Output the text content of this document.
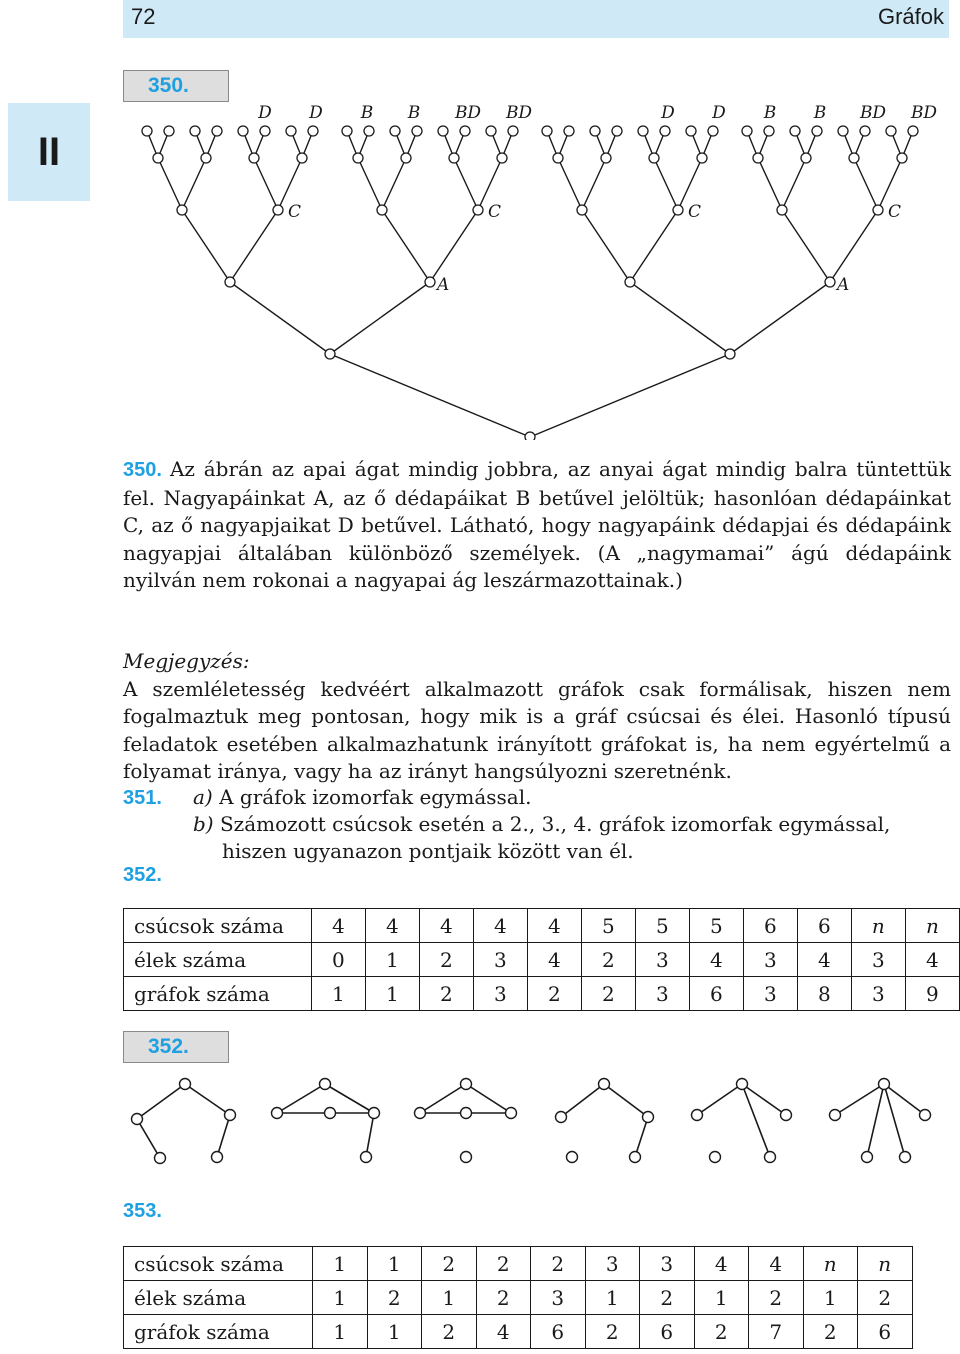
72	Gráfok
II
350.
A	A
C	C	C	C
D D B B BD BD	D D B B BD BD
350. Az ábrán az apai ágat mindig jobbra, az anyai ágat mindig balra tüntettük fel. Nagyapáinkat A, az ő dédapáikat B betűvel jelöltük; hasonlóan dédapáinkat C, az ő nagyapjaikat D betűvel. Látható, hogy nagyapáink dédapjai és dédapáink nagyapjai általában különböző személyek. (A „nagymamai” ágú dédapáink nyilván nem rokonai a nagyapai ág leszármazottainak.)
Megjegyzés:
A szemléletesség kedvéért alkalmazott gráfok csak formálisak, hiszen nem fogalmaztuk meg pontosan, hogy mik is a gráf csúcsai és élei. Hasonló típusú feladatok esetében alkalmazhatunk irányított gráfokat is, ha nem egyértelmű a folyamat iránya, vagy ha az irányt hangsúlyozni szeretnénk.
351. a) A gráfok izomorfak egymással.
b) Számozott csúcsok esetén a 2., 3., 4. gráfok izomorfak egymással,
hiszen ugyanazon pontjaik között van él.
352.
csúcsok száma	4	4	4	4	4	5	5	5	6	6	n	n
élek száma	0	1	2	3	4	2	3	4	3	4	3	4
gráfok száma	1	1	2	3	2	2	3	6	3	8	3	9
352.
353.
csúcsok száma	1	1	2	2	2	3	3	4	4	n	n
élek száma	1	2	1	2	3	1	2	1	2	1	2
gráfok száma	1	1	2	4	6	2	6	2	7	2	6
